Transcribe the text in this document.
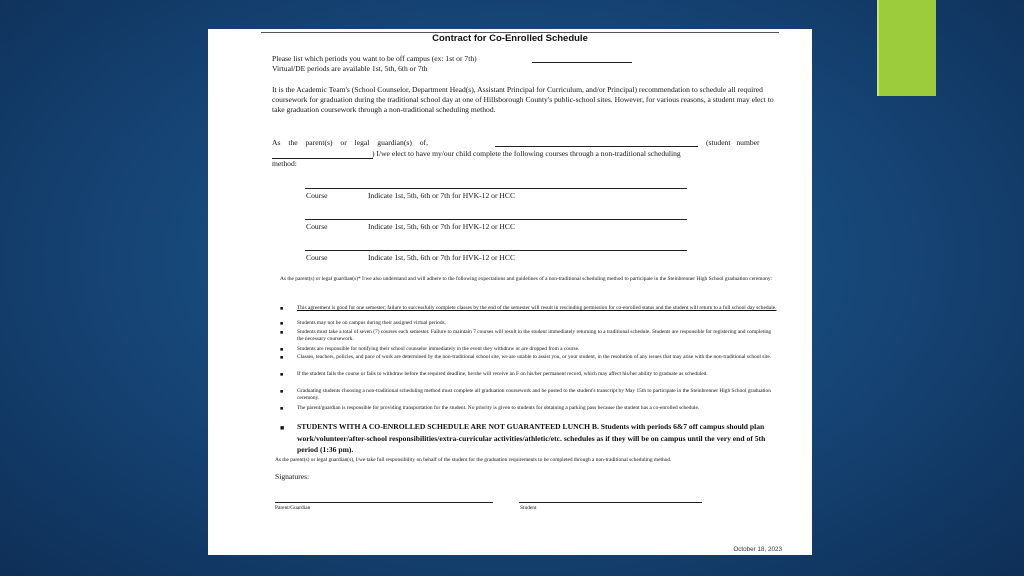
Contract for Co-Enrolled Schedule
Please list which periods you want to be off campus (ex: 1st or 7th)
Virtual/DE periods are available 1st, 5th, 6th or 7th
It is the Academic Team's (School Counselor, Department Head(s), Assistant Principal for Curriculum, and/or Principal) recommendation to schedule all required coursework for graduation during the traditional school day at one of Hillsborough County's public-school sites. However, for various reasons, a student may elect to take graduation coursework through a non-traditional scheduling method.
As the parent(s) or legal guardian(s) of,	(student number
) I/we elect to have my/our child complete the following courses through a non-traditional scheduling
method:
Course	Indicate 1st, 5th, 6th or 7th for HVK-12 or HCC
Course	Indicate 1st, 5th, 6th or 7th for HVK-12 or HCC
Course	Indicate 1st, 5th, 6th or 7th for HVK-12 or HCC
As the parent(s) or legal guardian(s)* I/we also understand and will adhere to the following expectations and guidelines of a non-traditional scheduling method to participate in the Steinbrenner High School graduation ceremony:
■	This agreement is good for one semester; failure to successfully complete classes by the end of the semester will result in rescinding permission for co-enrolled status and the student will return to a full school day schedule.
■	Students may not be on campus during their assigned virtual periods.
■	Students must take a total of seven (7) courses each semester. Failure to maintain 7 courses will result in the student immediately returning to a traditional schedule. Students are responsible for registering and completing the necessary coursework.
■	Students are responsible for notifying their school counselor immediately in the event they withdraw or are dropped from a course.
■	Classes, teachers, policies, and pace of work are determined by the non-traditional school site, we are unable to assist you, or your student, in the resolution of any issues that may arise with the non-traditional school site.
■	If the student fails the course or fails to withdraw before the required deadline, he/she will receive an F on his/her permanent record, which may affect his/her ability to graduate as scheduled.
■	Graduating students choosing a non-traditional scheduling method must complete all graduation coursework and be posted to the student's transcript by May 15th to participate in the Steinbrenner High School graduation ceremony.
■	The parent/guardian is responsible for providing transportation for the student. No priority is given to students for obtaining a parking pass because the student has a co-enrolled schedule.
■ STUDENTS WITH A CO-ENROLLED SCHEDULE ARE NOT GUARANTEED LUNCH B. Students with periods 6&7 off campus should plan work/volunteer/after-school responsibilities/extra-curricular activities/athletic/etc. schedules as if they will be on campus until the very end of 5th period (1:36 pm).
As the parent(s) or legal guardian(s), I/we take full responsibility on behalf of the student for the graduation requirements to be completed through a non-traditional scheduling method.
Signatures:
Parent/Guardian	Student
October 18, 2023
